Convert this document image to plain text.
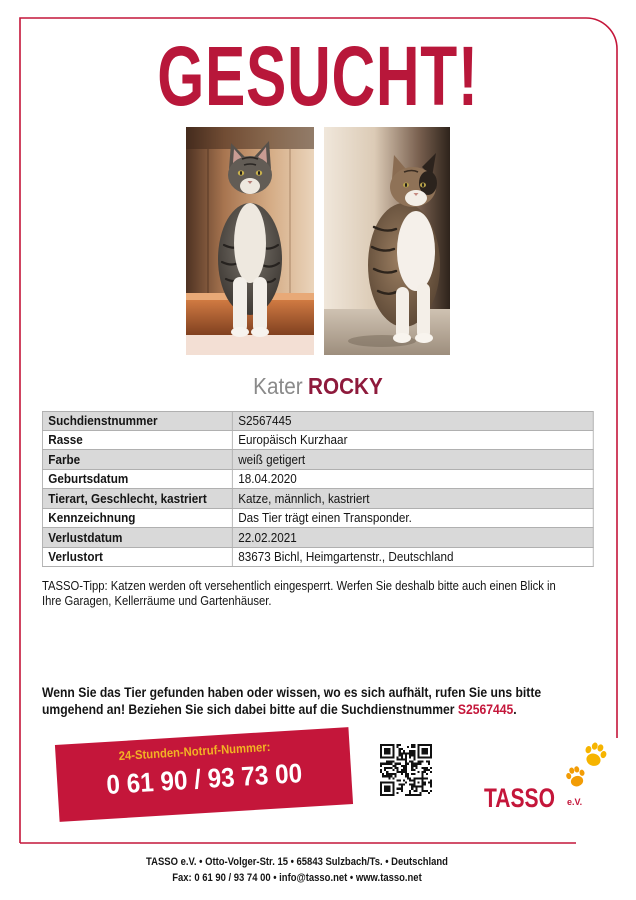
GESUCHT!
Kater ROCKY
Suchdienstnummer	S2567445
Rasse	Europäisch Kurzhaar
Farbe	weiß getigert
Geburtsdatum	18.04.2020
Tierart, Geschlecht, kastriert	Katze, männlich, kastriert
Kennzeichnung	Das Tier trägt einen Transponder.
Verlustdatum	22.02.2021
Verlustort	83673 Bichl, Heimgartenstr., Deutschland
TASSO-Tipp: Katzen werden oft versehentlich eingesperrt. Werfen Sie deshalb bitte auch einen Blick in
Ihre Garagen, Kellerräume und Gartenhäuser.
Wenn Sie das Tier gefunden haben oder wissen, wo es sich aufhält, rufen Sie uns bitte
umgehend an! Beziehen Sie sich dabei bitte auf die Suchdienstnummer S2567445.
24-Stunden-Notruf-Nummer:
0 61 90 / 93 73 00	TASSO e.V.
TASSO e.V. • Otto-Volger-Str. 15 • 65843 Sulzbach/Ts. • Deutschland
Fax: 0 61 90 / 93 74 00 • info@tasso.net • www.tasso.net
